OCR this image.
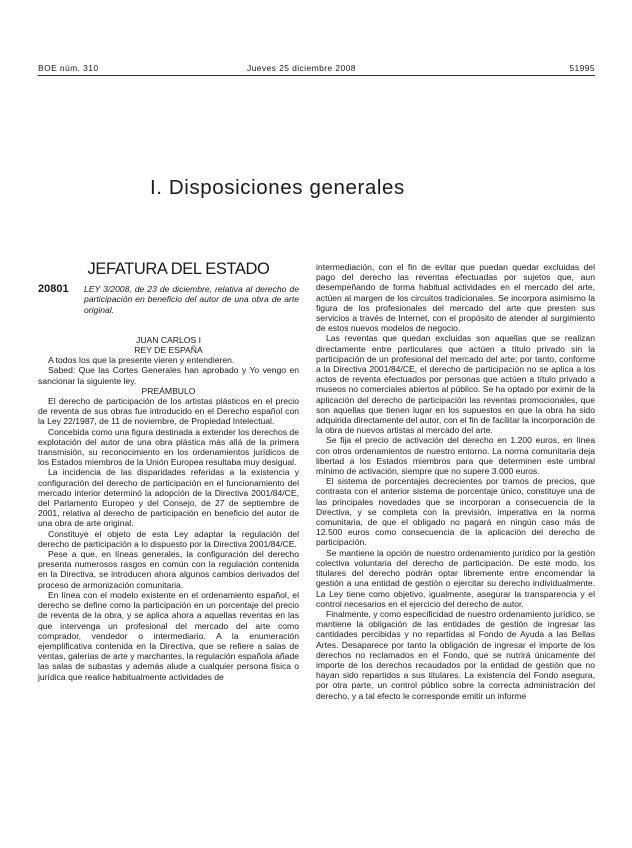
BOE núm. 310	Jueves 25 diciembre 2008	51995
I. Disposiciones generales
JEFATURA DEL ESTADO
20801	LEY 3/2008, de 23 de diciembre, relativa al derecho de participación en beneficio del autor de una obra de arte original.

JUAN CARLOS I

REY DE ESPAÑA

A todos los que la presente vieren y entendieren.

Sabed: Que las Cortes Generales han aprobado y Yo vengo en sancionar la siguiente ley.

PREÁMBULO

El derecho de participación de los artistas plásticos en el precio de reventa de sus obras fue introducido en el Derecho español con la Ley 22/1987, de 11 de noviembre, de Propiedad Intelectual.

Concebida como una figura destinada a extender los derechos de explotación del autor de una obra plástica más allá de la primera transmisión, su reconocimiento en los ordenamientos jurídicos de los Estados miembros de la Unión Europea resultaba muy desigual.

La incidencia de las disparidades referidas a la existencia y configuración del derecho de participación en el funcionamiento del mercado interior determinó la adopción de la Directiva 2001/84/CE, del Parlamento Europeo y del Consejo, de 27 de septiembre de 2001, relativa al derecho de participación en beneficio del autor de una obra de arte original.

Constituye el objeto de esta Ley adaptar la regulación del derecho de participación a lo dispuesto por la Directiva 2001/84/CE.

Pese a que, en líneas generales, la configuración del derecho presenta numerosos rasgos en común con la regulación contenida en la Directiva, se introducen ahora algunos cambios derivados del proceso de armonización comunitaria.

En línea con el modelo existente en el ordenamiento español, el derecho se define como la participación en un porcentaje del precio de reventa de la obra, y se aplica ahora a aquellas reventas en las que intervenga un profesional del mercado del arte como comprador, vendedor o intermediario. A la enumeración ejemplificativa contenida en la Directiva, que se refiere a salas de ventas, galerías de arte y marchantes, la regulación española añade las salas de subastas y además alude a cualquier persona física o jurídica que realice habitualmente actividades de

intermediación, con el fin de evitar que puedan quedar excluidas del pago del derecho las reventas efectuadas por sujetos que, aun desempeñando de forma habitual actividades en el mercado del arte, actúen al margen de los circuitos tradicionales. Se incorpora asimismo la figura de los profesionales del mercado del arte que presten sus servicios a través de Internet, con el propósito de atender al surgimiento de estos nuevos modelos de negocio.

Las reventas que quedan excluidas son aquellas que se realizan directamente entre particulares que actúen a título privado sin la participación de un profesional del mercado del arte; por tanto, conforme a la Directiva 2001/84/CE, el derecho de participación no se aplica a los actos de reventa efectuados por personas que actúen a título privado a museos no comerciales abiertos al público. Se ha optado por eximir de la aplicación del derecho de participación las reventas promocionales, que son aquellas que tienen lugar en los supuestos en que la obra ha sido adquirida directamente del autor, con el fin de facilitar la incorporación de la obra de nuevos artistas al mercado del arte.

Se fija el precio de activación del derecho en 1.200 euros, en línea con otros ordenamientos de nuestro entorno. La norma comunitaria deja libertad a los Estados miembros para que determinen este umbral mínimo de activación, siempre que no supere 3.000 euros.

El sistema de porcentajes decrecientes por tramos de precios, que contrasta con el anterior sistema de porcentaje único, constituye una de las principales novedades que se incorporan a consecuencia de la Directiva, y se completa con la previsión, imperativa en la norma comunitaria, de que el obligado no pagará en ningún caso más de 12.500 euros como consecuencia de la aplicación del derecho de participación.

Se mantiene la opción de nuestro ordenamiento jurídico por la gestión colectiva voluntaria del derecho de participación. De este modo, los titulares del derecho podrán optar libremente entre encomendar la gestión a una entidad de gestión o ejercitar su derecho individualmente. La Ley tiene como objetivo, igualmente, asegurar la transparencia y el control necesarios en el ejercicio del derecho de autor.

Finalmente, y como especificidad de nuestro ordenamiento jurídico, se mantiene la obligación de las entidades de gestión de ingresar las cantidades percibidas y no repartidas al Fondo de Ayuda a las Bellas Artes. Desaparece por tanto la obligación de ingresar el importe de los derechos no reclamados en el Fondo, que se nutrirá únicamente del importe de los derechos recaudados por la entidad de gestión que no hayan sido repartidos a sus titulares. La existencia del Fondo asegura, por otra parte, un control público sobre la correcta administración del derecho, y a tal efecto le corresponde emitir un informe
